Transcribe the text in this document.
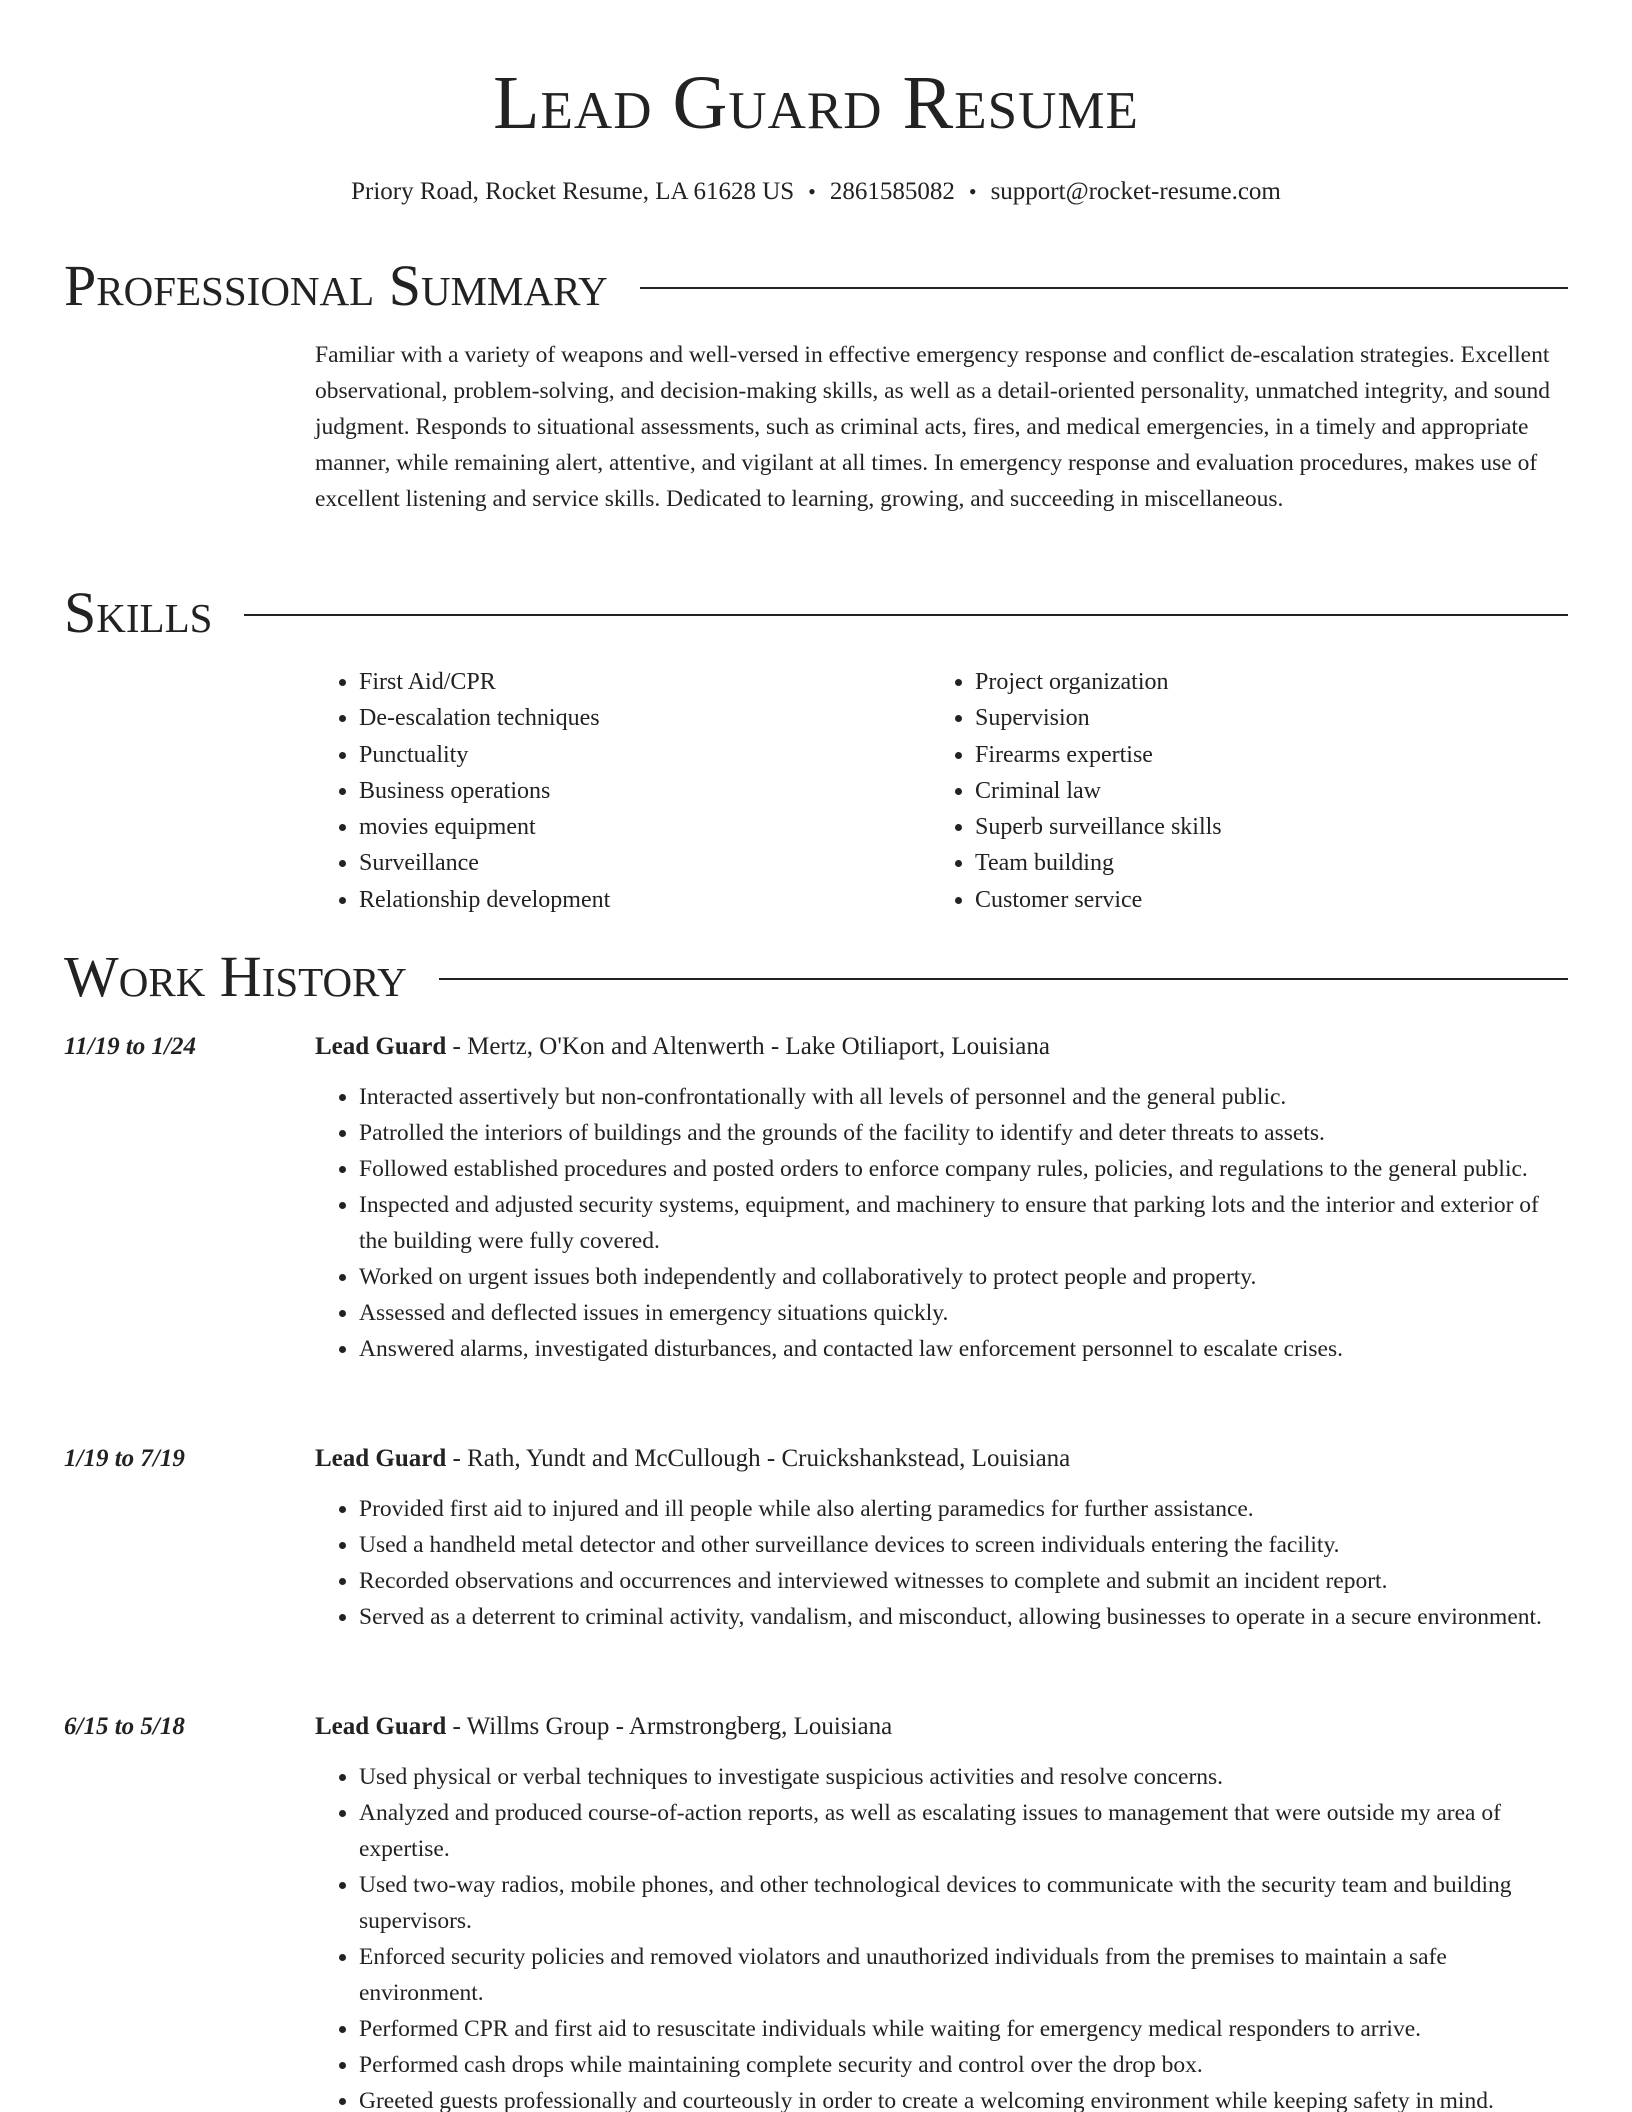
Lead Guard Resume
Priory Road, Rocket Resume, LA 61628 US • 2861585082 • support@rocket-resume.com
Professional Summary

Familiar with a variety of weapons and well-versed in effective emergency response and conflict de-escalation strategies. Excellent observational, problem-solving, and decision-making skills, as well as a detail-oriented personality, unmatched integrity, and sound judgment. Responds to situational assessments, such as criminal acts, fires, and medical emergencies, in a timely and appropriate manner, while remaining alert, attentive, and vigilant at all times. In emergency response and evaluation procedures, makes use of excellent listening and service skills. Dedicated to learning, growing, and succeeding in miscellaneous.

Skills
• First Aid/CPR
• De-escalation techniques
• Punctuality
• Business operations
• movies equipment
• Surveillance
• Relationship development
• Project organization
• Supervision
• Firearms expertise
• Criminal law
• Superb surveillance skills
• Team building
• Customer service
Work History
11/19 to 1/24	Lead Guard - Mertz, O'Kon and Altenwerth - Lake Otiliaport, Louisiana
• Interacted assertively but non-confrontationally with all levels of personnel and the general public.
• Patrolled the interiors of buildings and the grounds of the facility to identify and deter threats to assets.
• Followed established procedures and posted orders to enforce company rules, policies, and regulations to the general public.
• Inspected and adjusted security systems, equipment, and machinery to ensure that parking lots and the interior and exterior of the building were fully covered.
• Worked on urgent issues both independently and collaboratively to protect people and property.
• Assessed and deflected issues in emergency situations quickly.
• Answered alarms, investigated disturbances, and contacted law enforcement personnel to escalate crises.
1/19 to 7/19	Lead Guard - Rath, Yundt and McCullough - Cruickshankstead, Louisiana
• Provided first aid to injured and ill people while also alerting paramedics for further assistance.
• Used a handheld metal detector and other surveillance devices to screen individuals entering the facility.
• Recorded observations and occurrences and interviewed witnesses to complete and submit an incident report.
• Served as a deterrent to criminal activity, vandalism, and misconduct, allowing businesses to operate in a secure environment.
6/15 to 5/18	Lead Guard - Willms Group - Armstrongberg, Louisiana
• Used physical or verbal techniques to investigate suspicious activities and resolve concerns.
• Analyzed and produced course-of-action reports, as well as escalating issues to management that were outside my area of expertise.
• Used two-way radios, mobile phones, and other technological devices to communicate with the security team and building supervisors.
• Enforced security policies and removed violators and unauthorized individuals from the premises to maintain a safe environment.
• Performed CPR and first aid to resuscitate individuals while waiting for emergency medical responders to arrive.
• Performed cash drops while maintaining complete security and control over the drop box.
• Greeted guests professionally and courteously in order to create a welcoming environment while keeping safety in mind.
